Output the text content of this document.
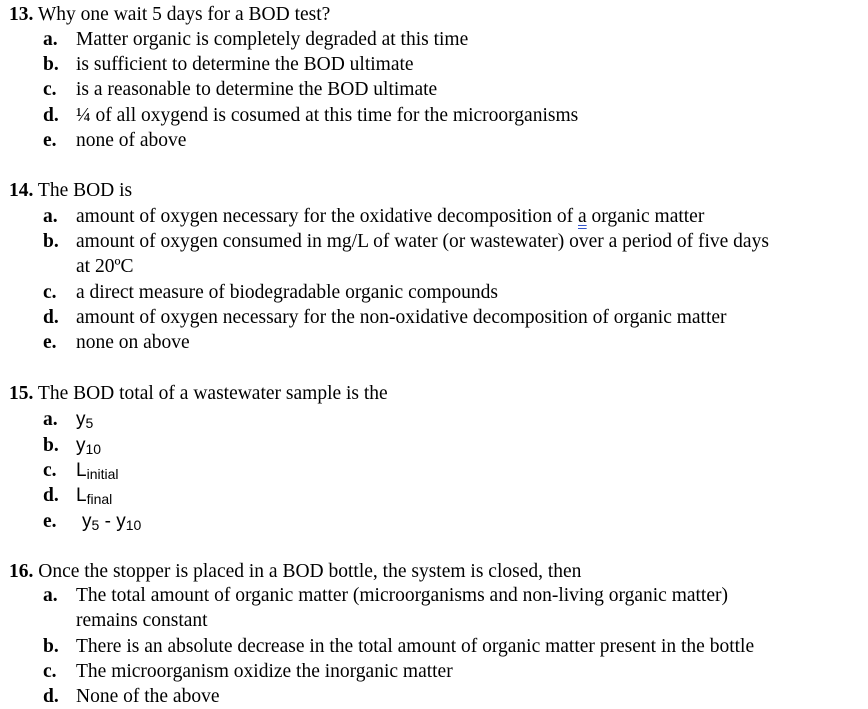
13. Why one wait 5 days for a BOD test?
a. Matter organic is completely degraded at this time
b. is sufficient to determine the BOD ultimate
c. is a reasonable to determine the BOD ultimate
d. ¼ of all oxygend is cosumed at this time for the microorganisms
e. none of above
14. The BOD is
a. amount of oxygen necessary for the oxidative decomposition of a organic matter
b. amount of oxygen consumed in mg/L of water (or wastewater) over a period of five days
at 20ºC
c. a direct measure of biodegradable organic compounds
d. amount of oxygen necessary for the non-oxidative decomposition of organic matter
e. none on above
15. The BOD total of a wastewater sample is the
a. $y_5$
b. $y_{10}$
c. $L_{initial}$
d. $L_{final}$
e. $y_5 - y_{10}$
16. Once the stopper is placed in a BOD bottle, the system is closed, then
a. The total amount of organic matter (microorganisms and non-living organic matter)
remains constant
b. There is an absolute decrease in the total amount of organic matter present in the bottle
c. The microorganism oxidize the inorganic matter
d. None of the above
